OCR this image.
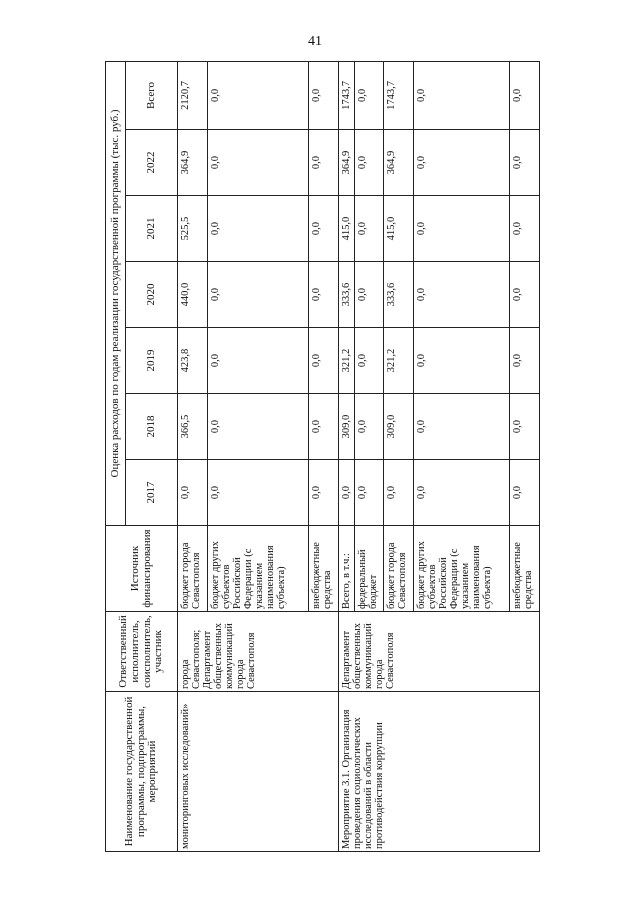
41
Наименование государственной программы, подпрограммы, мероприятий	Ответственный исполнитель, соисполнитель, участник	Источник финансирования	Оценка расходов по годам реализации государственной программы (тыс. руб.)						
			2017	2018	2019	2020	2021	2022	Всего
мониторинговых исследований»	города Севастополя; Департамент общественных коммуникаций города Севастополя	бюджет города Севастополя	0,0	366,5	423,8	440,0	525,5	364,9	2120,7
		бюджет других субъектов Российской Федерации (с указанием наименования субъекта)	0,0	0,0	0,0	0,0	0,0	0,0	0,0
		внебюджетные средства	0,0	0,0	0,0	0,0	0,0	0,0	0,0
Мероприятие 3.1. Организация проведения социологических исследований в области противодействия коррупции	Департамент общественных коммуникаций города Севастополя	Всего, в т.ч.:	0,0	309,0	321,2	333,6	415,0	364,9	1743,7
		федеральный бюджет	0,0	0,0	0,0	0,0	0,0	0,0	0,0
		бюджет города Севастополя	0,0	309,0	321,2	333,6	415,0	364,9	1743,7
		бюджет других субъектов Российской Федерации (с указанием наименования субъекта)	0,0	0,0	0,0	0,0	0,0	0,0	0,0
		внебюджетные средства	0,0	0,0	0,0	0,0	0,0	0,0	0,0
